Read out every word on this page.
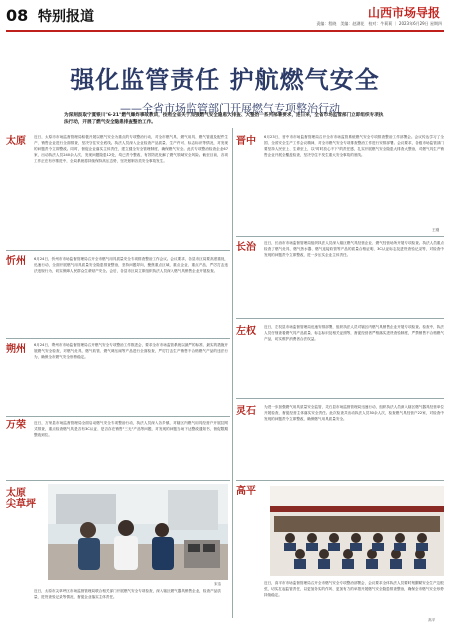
08 特别报道	山西市场导报
责编：程晓　美编：赵湖花　校对：牛莉莉 ｜ 2023年6月29日 星期四
强化监管责任 护航燃气安全
——全省市场监管部门开展燃气专项整治行动
为深刻汲取宁夏银川"6·21"燃气爆炸事故教训，按照全省关于加强燃气安全隐患大排查、大整治一系列部署要求，连日来，全省市场监管部门立即组织专项执法行动，开展了燃气安全隐患排查整治工作。
太原 近日，太原市市场监督管理局积极开展以燃气安全为重点的专项整治行动，对全市燃气具、燃气用具、燃气管道及配件生产、销售企业进行全面排查，坚决守住安全底线。执法人员深入企业检查产品质量、生产许可、标志标识等情况，对发现的问题责令立即整改。同时，督促企业落实主体责任，建立健全安全管理制度，确保燃气安全。此次专项整治检查企业67家，出动执法人员240余人次，发现问题隐患12处，均已责令整改，有效防范化解了燃气领域安全风险。截至目前，各项工作正在有序推进中，全局系统将持续保持高压态势，坚决遏制各类安全事故发生。
忻州 6月24日，忻州市市场监督管理局召开全市燃气用具质量安全专项排查整治工作会议。会议要求，各县市区局要高度重视，迅速行动，全面开展燃气用具质量安全隐患排查整治，坚持问题导向，聚焦重点区域、重点企业、重点产品，严厉打击违法违规行为，切实保障人民群众生命财产安全。会后，各县市区局立即组织执法人员深入燃气具销售企业开展检查。
朔州 6月24日，朔州市市场监督管理局召开燃气安全专项整治工作推进会，要求全市市场监管系统以最严的标准、最实的措施开展燃气安全检查，对燃气灶具、燃气软管、燃气调压阀等产品进行全面检查，严厉打击生产销售不合格燃气产品的违法行为，确保全市燃气安全形势稳定。
万荣 近日，万荣县市场监督管理局全面启动燃气安全专项整治行动，执法人员深入各乡镇，对辖区内燃气用具经营户开展拉网式排查，重点检查燃气具是否有3C认证、是否存在销售"三无"产品等问题，对发现的问题当场下达整改通知书，督促限期整改到位。
太原
尖草坪
宋洁
近日，太原市尖草坪区市场监督管理局联合相关部门开展燃气安全专项检查，深入辖区燃气器具销售企业，检查产品质量、进货查验记录等情况，督促企业落实主体责任。
晋中 6月23日，晋中市市场监督管理局召开全市市场监管系统燃气安全专项排查整治工作部署会。会议传达学习了全国、全省安全生产工作会议精神，对全市燃气安全专项排查整治工作进行安排部署。会议要求，各级市场监管部门要坚持人民至上、生命至上，以"时时放心不下"的责任感，扎实开展燃气安全隐患大排查大整治，对燃气具生产销售企业开展全覆盖检查，坚决守住不发生重大安全事故的底线。
王刚
长治 近日，长治市市场监督管理局组织执法人员深入辖区燃气具经营企业、燃气经营场所开展专项检查。执法人员重点检查了燃气灶具、燃气热水器、燃气连接软管等产品的质量合格证明、3C认证标志及进货查验记录等，对检查中发现的问题责令立即整改，进一步压实企业主体责任。
左权 近日，左权县市场监督管理局迅速安排部署，组织执法人员对辖区内燃气具销售企业开展专项检查。检查中，执法人员仔细查看燃气具产品质量、标志标识及相关证照等，督促经营者严格落实进货查验制度，严禁销售不合格燃气产品，切实维护消费者合法权益。
灵石 为进一步加强燃气用具质量安全监管，灵石县市场监督管理局迅速行动，组织执法人员深入辖区燃气器具经营单位开展检查，督促经营主体落实安全责任。此次检查共出动执法人员30余人次，检查燃气具经营户22家，对检查中发现的问题责令立即整改，确保燃气用具质量安全。
高平
近日，高平市市场监督管理局召开全市燃气安全专项整治部署会，会议要求全体执法人员要时刻绷紧安全生产这根弦，切实扛起监管责任，以更加务实的作风、更加有力的举措开展燃气安全隐患排查整治，确保全市燃气安全形势持续稳定。
高平
